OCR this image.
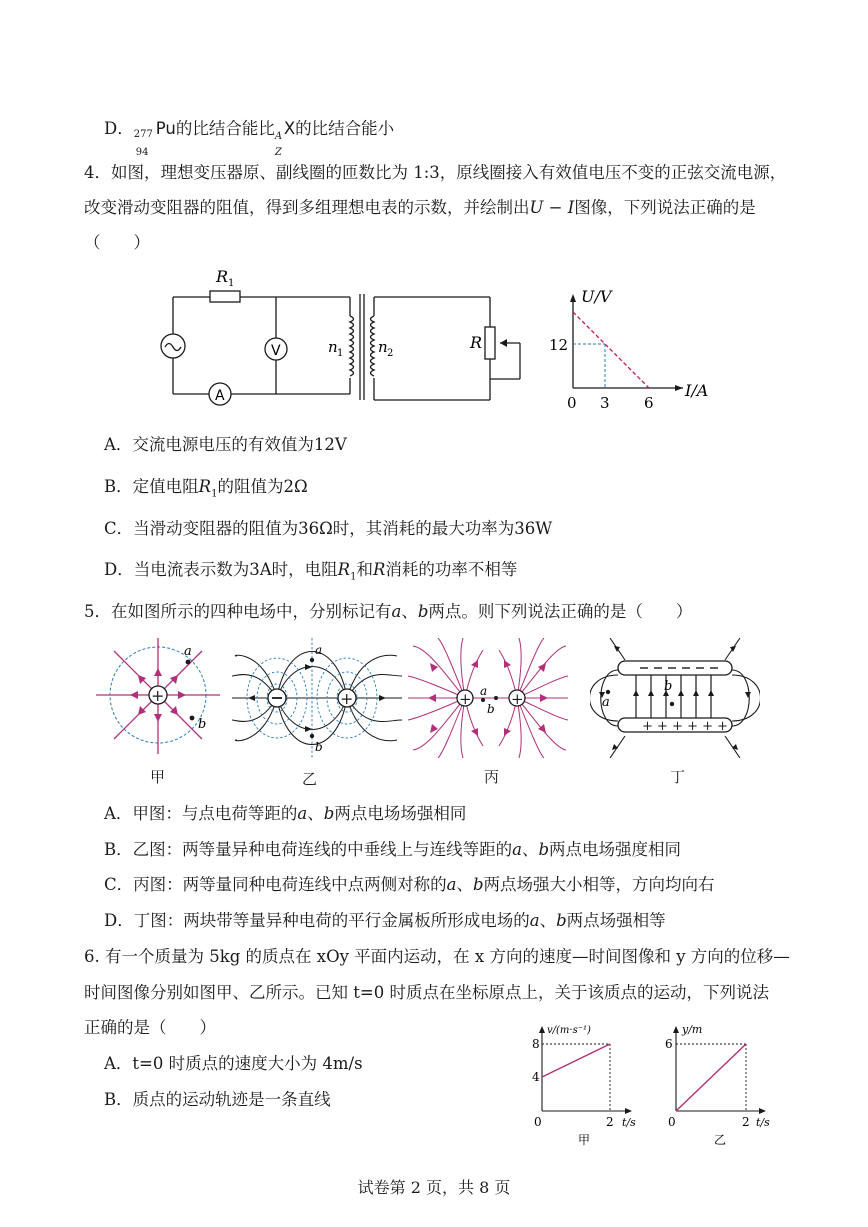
D． 277
94
Pu的比结合能比 A
Z
X的比结合能小
4．如图，理想变压器原、副线圈的匝数比为 1:3，原线圈接入有效值电压不变的正弦交流电源，
改变滑动变阻器的阻值，得到多组理想电表的示数，并绘制出U − I图像，下列说法正确的是
（　　）
R 1
V
A
n 1 n 2
R
U/V
I/A
12
0 3 6
A．交流电源电压的有效值为12V
B．定值电阻$R_1$的阻值为2Ω
C．当滑动变阻器的阻值为36Ω时，其消耗的最大功率为36W
D．当电流表示数为3A时，电阻$R_1$和R消耗的功率不相等
5．在如图所示的四种电场中，分别标记有a、b两点。则下列说法正确的是（　　）
+
a
b
甲
+
a
b
乙
+	+
a
b
丙
+ + + + + +
a
b
丁
A．甲图：与点电荷等距的a、b两点电场场强相同
B．乙图：两等量异种电荷连线的中垂线上与连线等距的a、b两点电场强度相同
C．丙图：两等量同种电荷连线中点两侧对称的a、b两点场强大小相等，方向均向右
D．丁图：两块带等量异种电荷的平行金属板所形成电场的a、b两点场强相等
6. 有一个质量为 5kg 的质点在 xOy 平面内运动，在 x 方向的速度—时间图像和 y 方向的位移—
时间图像分别如图甲、乙所示。已知 t=0 时质点在坐标原点上，关于该质点的运动，下列说法
正确的是（　　）
A．t=0 时质点的速度大小为 4m/s
B．质点的运动轨迹是一条直线
v/(m·s⁻¹)
t/s
8
4
0	2
甲
y/m
t/s
6
0	2
乙
试卷第 2 页，共 8 页
